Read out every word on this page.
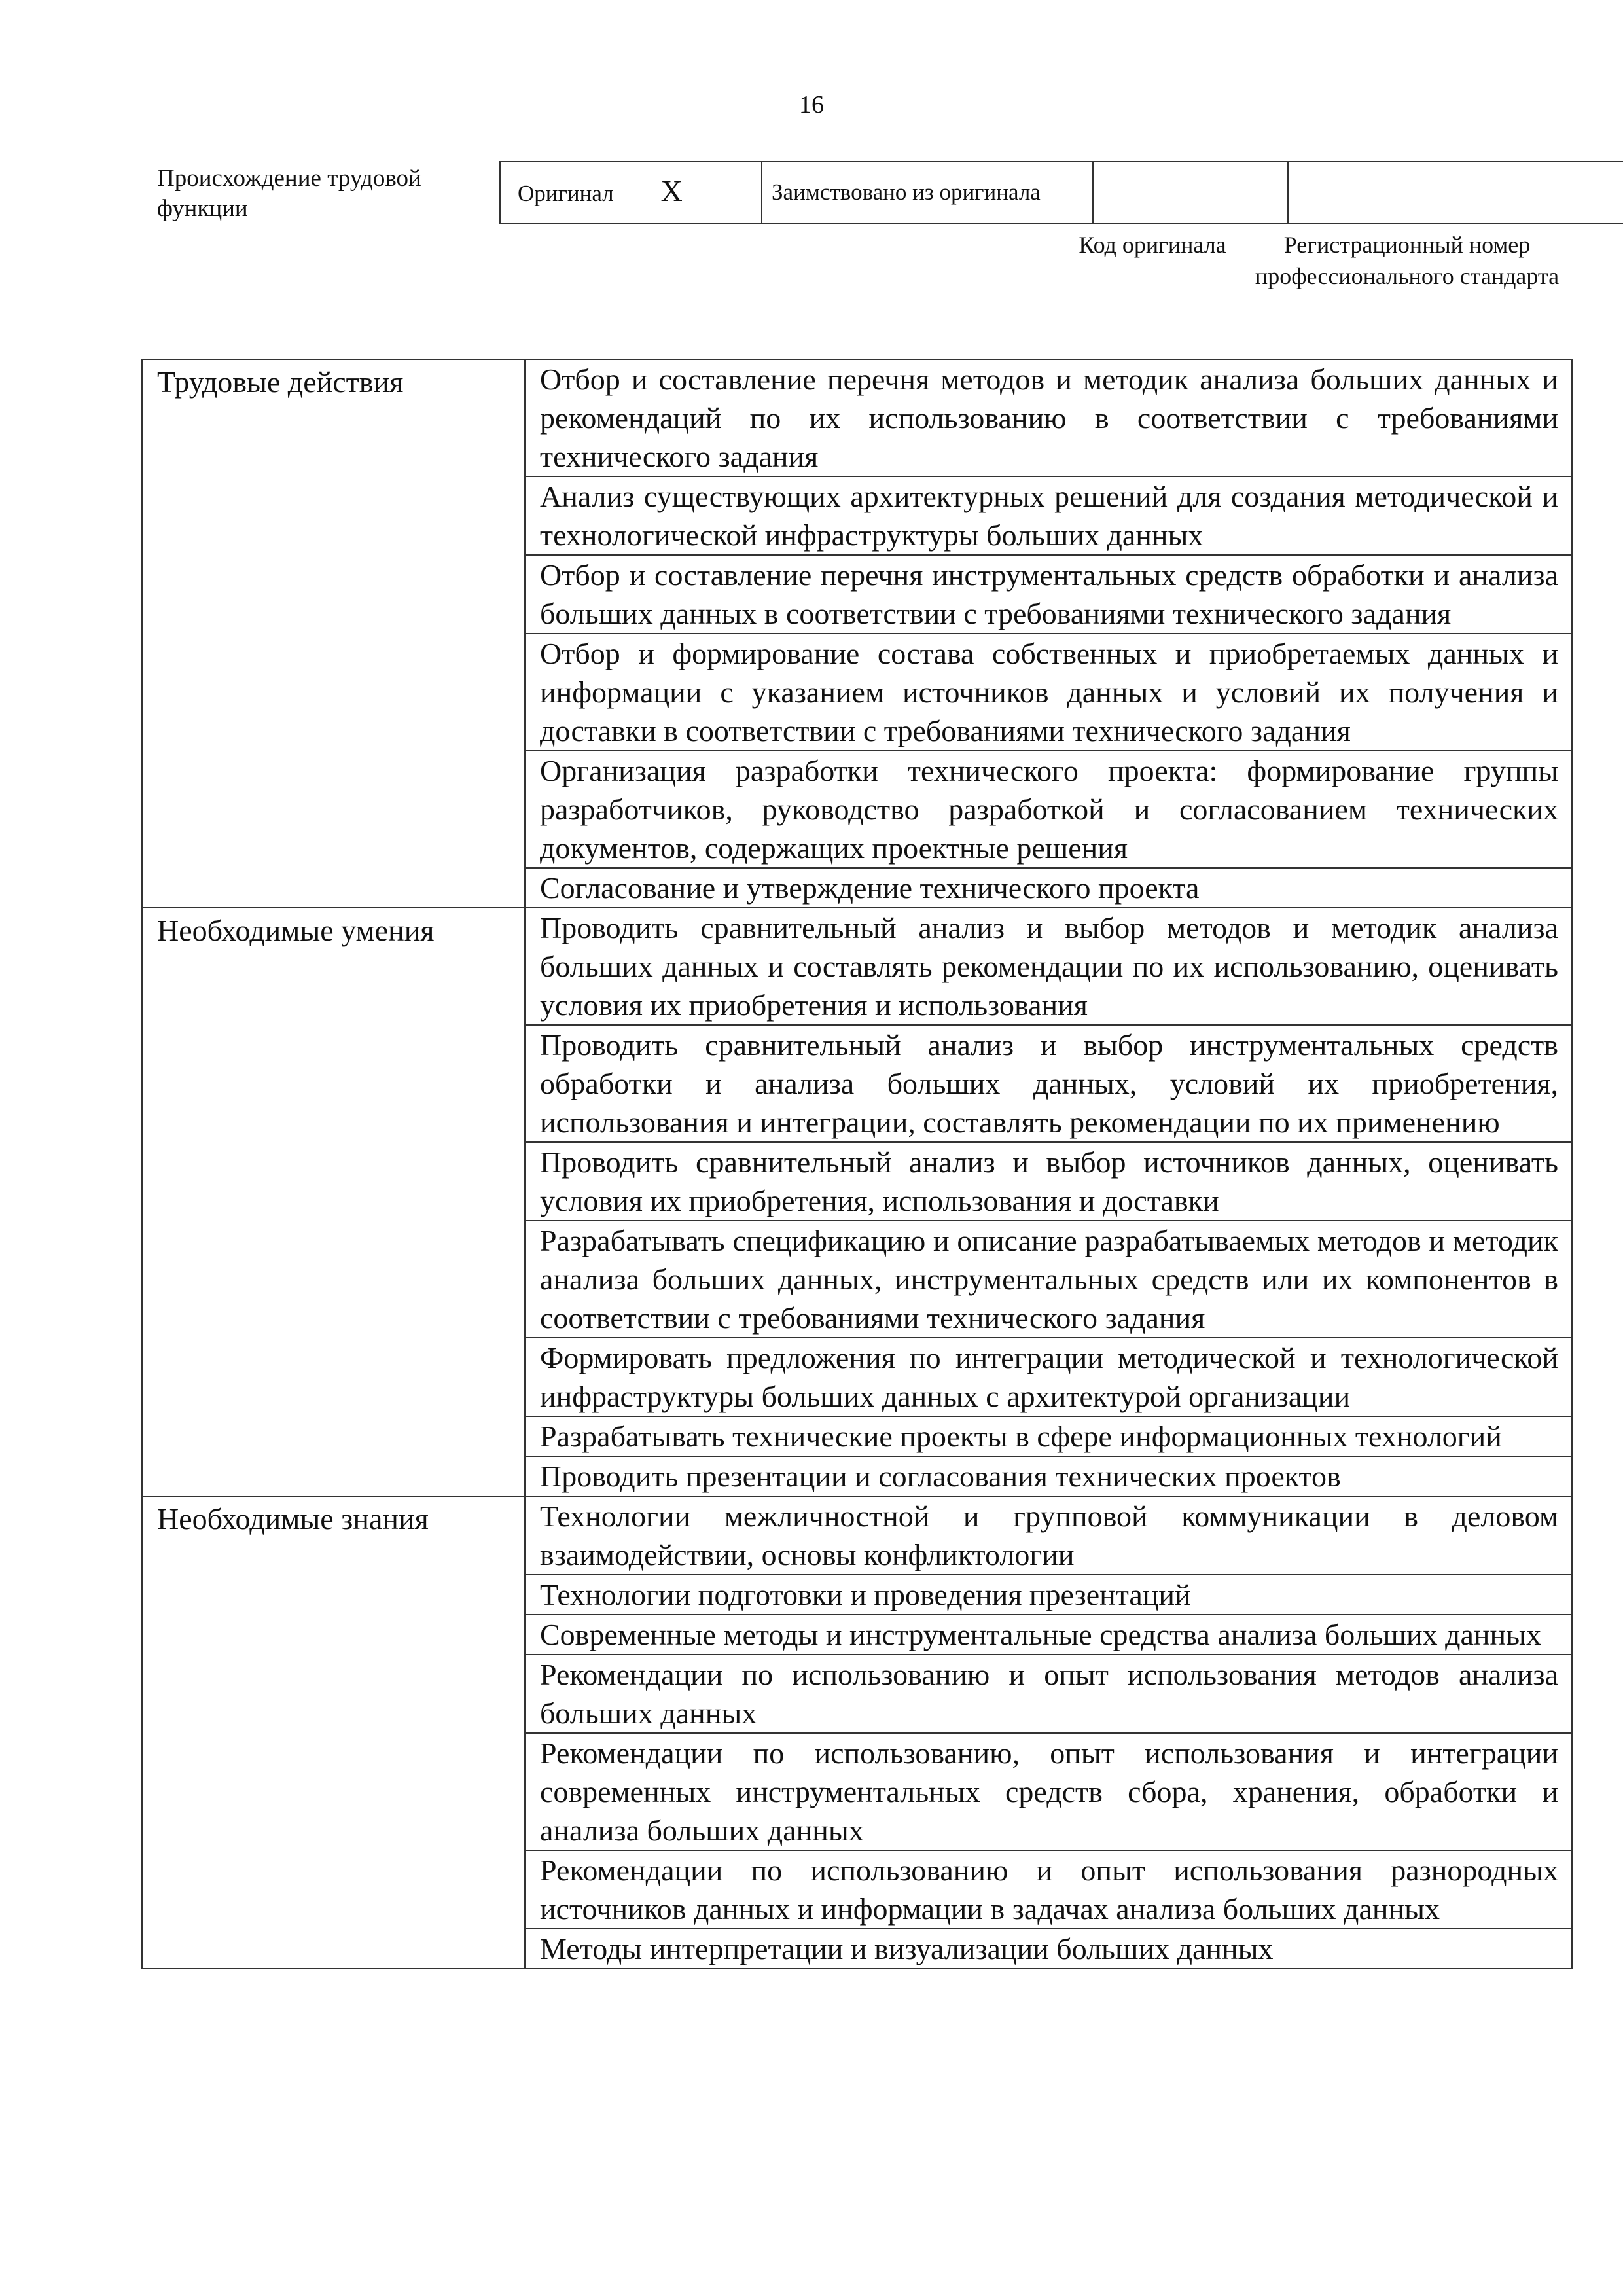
16
Происхождение трудовой функции
Оригинал X	Заимствовано из оригинала		
Код оригинала	Регистрационный номер профессионального стандарта
Трудовые действия	Отбор и составление перечня методов и методик анализа больших данных и рекомендаций по их использованию в соответствии с требованиями технического задания
	Анализ существующих архитектурных решений для создания методической и технологической инфраструктуры больших данных
	Отбор и составление перечня инструментальных средств обработки и анализа больших данных в соответствии с требованиями технического задания
	Отбор и формирование состава собственных и приобретаемых данных и информации с указанием источников данных и условий их получения и доставки в соответствии с требованиями технического задания
	Организация разработки технического проекта: формирование группы разработчиков, руководство разработкой и согласованием технических документов, содержащих проектные решения
	Согласование и утверждение технического проекта
Необходимые умения	Проводить сравнительный анализ и выбор методов и методик анализа больших данных и составлять рекомендации по их использованию, оценивать условия их приобретения и использования
	Проводить сравнительный анализ и выбор инструментальных средств обработки и анализа больших данных, условий их приобретения, использования и интеграции, составлять рекомендации по их применению
	Проводить сравнительный анализ и выбор источников данных, оценивать условия их приобретения, использования и доставки
	Разрабатывать спецификацию и описание разрабатываемых методов и методик анализа больших данных, инструментальных средств или их компонентов в соответствии с требованиями технического задания
	Формировать предложения по интеграции методической и технологической инфраструктуры больших данных с архитектурой организации
	Разрабатывать технические проекты в сфере информационных технологий
	Проводить презентации и согласования технических проектов
Необходимые знания	Технологии межличностной и групповой коммуникации в деловом взаимодействии, основы конфликтологии
	Технологии подготовки и проведения презентаций
	Современные методы и инструментальные средства анализа больших данных
	Рекомендации по использованию и опыт использования методов анализа больших данных
	Рекомендации по использованию, опыт использования и интеграции современных инструментальных средств сбора, хранения, обработки и анализа больших данных
	Рекомендации по использованию и опыт использования разнородных источников данных и информации в задачах анализа больших данных
	Методы интерпретации и визуализации больших данных
